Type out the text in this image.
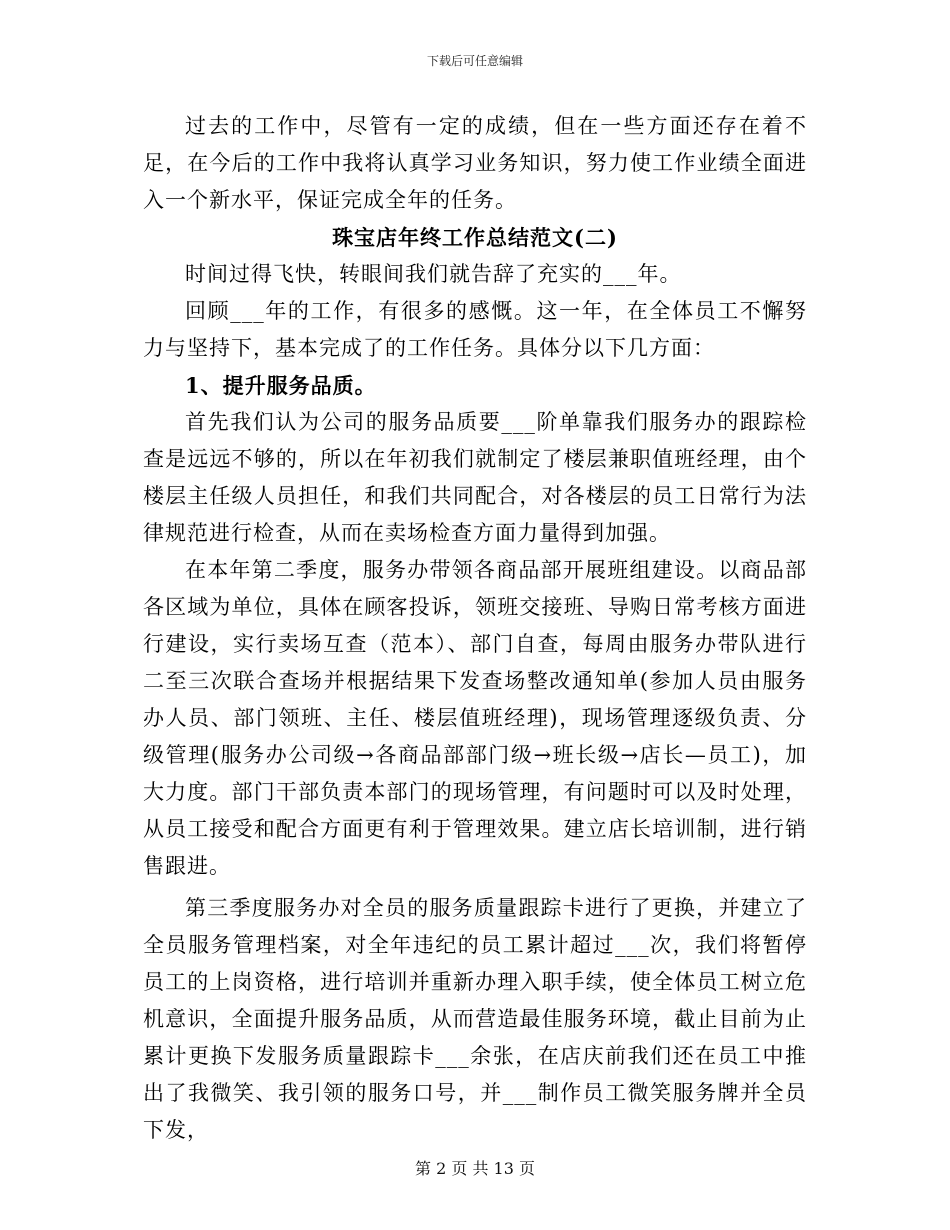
下载后可任意编辑

过去的工作中，尽管有一定的成绩，但在一些方面还存在着不足，在今后的工作中我将认真学习业务知识，努力使工作业绩全面进入一个新水平，保证完成全年的任务。

珠宝店年终工作总结范文(二)

时间过得飞快，转眼间我们就告辞了充实的___年。

回顾___年的工作，有很多的感慨。这一年，在全体员工不懈努力与坚持下，基本完成了的工作任务。具体分以下几方面：

1、提升服务品质。

首先我们认为公司的服务品质要___阶单靠我们服务办的跟踪检查是远远不够的，所以在年初我们就制定了楼层兼职值班经理，由个楼层主任级人员担任，和我们共同配合，对各楼层的员工日常行为法律规范进行检查，从而在卖场检查方面力量得到加强。

在本年第二季度，服务办带领各商品部开展班组建设。以商品部各区域为单位，具体在顾客投诉，领班交接班、导购日常考核方面进行建设，实行卖场互查（范本）、部门自查，每周由服务办带队进行二至三次联合查场并根据结果下发查场整改通知单(参加人员由服务办人员、部门领班、主任、楼层值班经理)，现场管理逐级负责、分级管理(服务办公司级→各商品部部门级→班长级→店长—员工)，加大力度。部门干部负责本部门的现场管理，有问题时可以及时处理，从员工接受和配合方面更有利于管理效果。建立店长培训制，进行销售跟进。

第三季度服务办对全员的服务质量跟踪卡进行了更换，并建立了全员服务管理档案，对全年违纪的员工累计超过___次，我们将暂停员工的上岗资格，进行培训并重新办理入职手续，使全体员工树立危机意识，全面提升服务品质，从而营造最佳服务环境，截止目前为止累计更换下发服务质量跟踪卡___余张，在店庆前我们还在员工中推出了我微笑、我引领的服务口号，并___制作员工微笑服务牌并全员下发，

第 2 页 共 13 页
